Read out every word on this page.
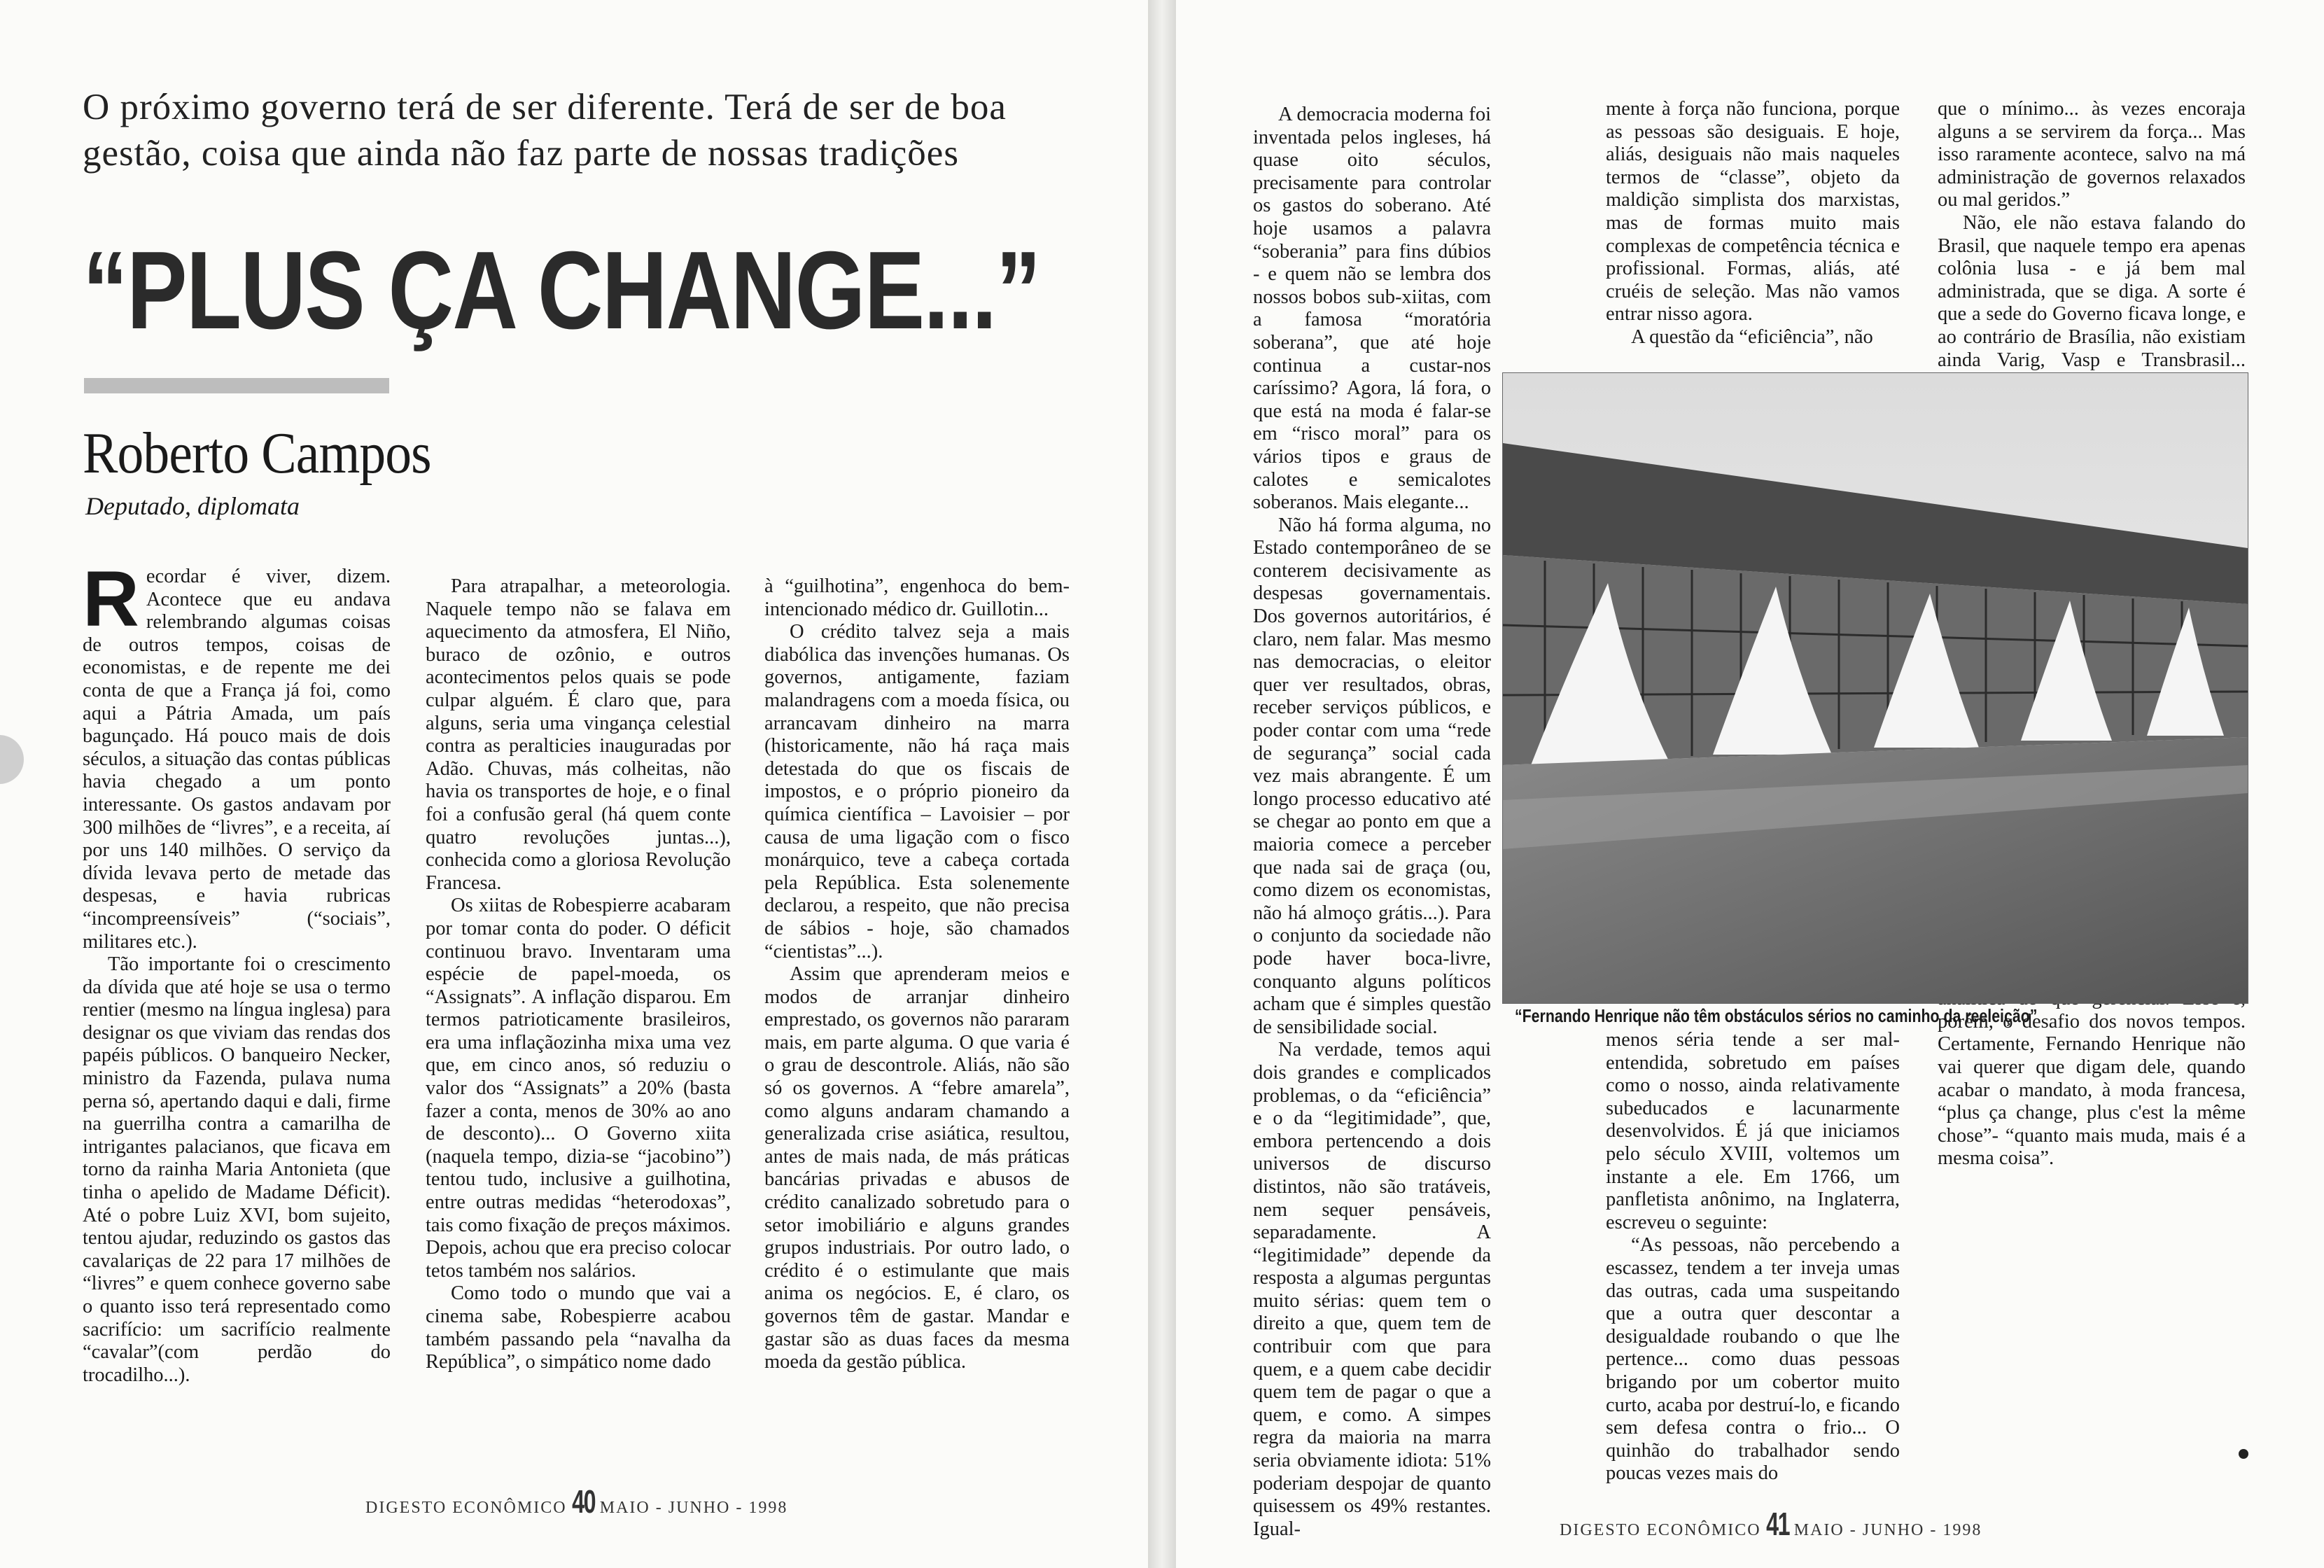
O próximo governo terá de ser diferente. Terá de ser de boa gestão, coisa que ainda não faz parte de nossas tradições
“PLUS ÇA CHANGE...”
Roberto Campos
Deputado, diplomata

Recordar é viver, dizem. Acontece que eu andava relembrando algumas coisas de outros tempos, coisas de economistas, e de repente me dei conta de que a França já foi, como aqui a Pátria Amada, um país bagunçado. Há pouco mais de dois séculos, a situação das contas públicas havia chegado a um ponto interessante. Os gastos andavam por 300 milhões de “livres”, e a receita, aí por uns 140 milhões. O serviço da dívida levava perto de metade das despesas, e havia rubricas “incompreensíveis” (“sociais”, militares etc.).

Tão importante foi o crescimento da dívida que até hoje se usa o termo rentier (mesmo na língua inglesa) para designar os que viviam das rendas dos papéis públicos. O banqueiro Necker, ministro da Fazenda, pulava numa perna só, apertando daqui e dali, firme na guerrilha contra a camarilha de intrigantes palacianos, que ficava em torno da rainha Maria Antonieta (que tinha o apelido de Madame Déficit). Até o pobre Luiz XVI, bom sujeito, tentou ajudar, reduzindo os gastos das cavalariças de 22 para 17 milhões de “livres” e quem conhece governo sabe o quanto isso terá representado como sacrifício: um sacrifício realmente “cavalar”(com perdão do trocadilho...).

Para atrapalhar, a meteorologia. Naquele tempo não se falava em aquecimento da atmosfera, El Niño, buraco de ozônio, e outros acontecimentos pelos quais se pode culpar alguém. É claro que, para alguns, seria uma vingança celestial contra as peralticies inauguradas por Adão. Chuvas, más colheitas, não havia os transportes de hoje, e o final foi a confusão geral (há quem conte quatro revoluções juntas...), conhecida como a gloriosa Revolução Francesa.

Os xiitas de Robespierre acabaram por tomar conta do poder. O déficit continuou bravo. Inventaram uma espécie de papel-moeda, os “Assignats”. A inflação disparou. Em termos patrioticamente brasileiros, era uma inflaçãozinha mixa uma vez que, em cinco anos, só reduziu o valor dos “Assignats” a 20% (basta fazer a conta, menos de 30% ao ano de desconto)... O Governo xiita (naquela tempo, dizia-se “jacobino”) tentou tudo, inclusive a guilhotina, entre outras medidas “heterodoxas”, tais como fixação de preços máximos. Depois, achou que era preciso colocar tetos também nos salários.

Como todo o mundo que vai a cinema sabe, Robespierre acabou também passando pela “navalha da República”, o simpático nome dado

à “guilhotina”, engenhoca do bem-intencionado médico dr. Guillotin...

O crédito talvez seja a mais diabólica das invenções humanas. Os governos, antigamente, faziam malandragens com a moeda física, ou arrancavam dinheiro na marra (historicamente, não há raça mais detestada do que os fiscais de impostos, e o próprio pioneiro da química científica – Lavoisier – por causa de uma ligação com o fisco monárquico, teve a cabeça cortada pela República. Esta solenemente declarou, a respeito, que não precisa de sábios - hoje, são chamados “cientistas”...).

Assim que aprenderam meios e modos de arranjar dinheiro emprestado, os governos não pararam mais, em parte alguma. O que varia é o grau de descontrole. Aliás, não são só os governos. A “febre amarela”, como alguns andaram chamando a generalizada crise asiática, resultou, antes de mais nada, de más práticas bancárias privadas e abusos de crédito canalizado sobretudo para o setor imobiliário e alguns grandes grupos industriais. Por outro lado, o crédito é o estimulante que mais anima os negócios. E, é claro, os governos têm de gastar. Mandar e gastar são as duas faces da mesma moeda da gestão pública.

DIGESTO ECONÔMICO 40 MAIO - JUNHO - 1998

A democracia moderna foi inventada pelos ingleses, há quase oito séculos, precisamente para controlar os gastos do soberano. Até hoje usamos a palavra “soberania” para fins dúbios - e quem não se lembra dos nossos bobos sub-xiitas, com a famosa “moratória soberana”, que até hoje continua a custar-nos caríssimo? Agora, lá fora, o que está na moda é falar-se em “risco moral” para os vários tipos e graus de calotes e semicalotes soberanos. Mais elegante...

Não há forma alguma, no Estado contemporâneo de se conterem decisivamente as despesas governamentais. Dos governos autoritários, é claro, nem falar. Mas mesmo nas democracias, o eleitor quer ver resultados, obras, receber serviços públicos, e poder contar com uma “rede de segurança” social cada vez mais abrangente. É um longo processo educativo até se chegar ao ponto em que a maioria comece a perceber que nada sai de graça (ou, como dizem os economistas, não há almoço grátis...). Para o conjunto da sociedade não pode haver boca-livre, conquanto alguns políticos acham que é simples questão de sensibilidade social.

Na verdade, temos aqui dois grandes e complicados problemas, o da “eficiência” e o da “legitimidade”, que, embora pertencendo a dois universos de discurso distintos, não são tratáveis, nem sequer pensáveis, separadamente. A “legitimidade” depende da resposta a algumas perguntas muito sérias: quem tem o direito a que, quem tem de contribuir com que para quem, e a quem cabe decidir quem tem de pagar o que a quem, e como. A simpes regra da maioria na marra seria obviamente idiota: 51% poderiam despojar de quanto quisessem os 49% restantes. Igual-

mente à força não funciona, porque as pessoas são desiguais. E hoje, aliás, desiguais não mais naqueles termos de “classe”, objeto da maldição simplista dos marxistas, mas de formas muito mais complexas de competência técnica e profissional. Formas, aliás, até cruéis de seleção. Mas não vamos entrar nisso agora.

A questão da “eficiência”, não

que o mínimo... às vezes encoraja alguns a se servirem da força... Mas isso raramente acontece, salvo na má administração de governos relaxados ou mal geridos.”

Não, ele não estava falando do Brasil, que naquele tempo era apenas colônia lusa - e já bem mal administrada, que se diga. A sorte é que a sede do Governo ficava longe, e ao contrário de Brasília, não existiam ainda Varig, Vasp e Transbrasil...

porém, o desafio dos novos tempos. Certamente, Fernando Henrique não vai querer que digam dele, quando acabar o mandato, à moda francesa, “plus ça change, plus c'est la même chose”- “quanto mais muda, mais é a mesma coisa”.

“Fernando Henrique não têm obstáculos sérios no caminho da reeleição”

menos séria tende a ser mal-entendida, sobretudo em países como o nosso, ainda relativamente subeducados e lacunarmente desenvolvidos. É já que iniciamos pelo século XVIII, voltemos um instante a ele. Em 1766, um panfletista anônimo, na Inglaterra, escreveu o seguinte:

“As pessoas, não percebendo a escassez, tendem a ter inveja umas das outras, cada uma suspeitando que a outra quer descontar a desigualdade roubando o que lhe pertence... como duas pessoas brigando por um cobertor muito curto, acaba por destruí-lo, e ficando sem defesa contra o frio... O quinhão do trabalhador sendo poucas vezes mais do

DIGESTO ECONÔMICO 41 MAIO - JUNHO - 1998
